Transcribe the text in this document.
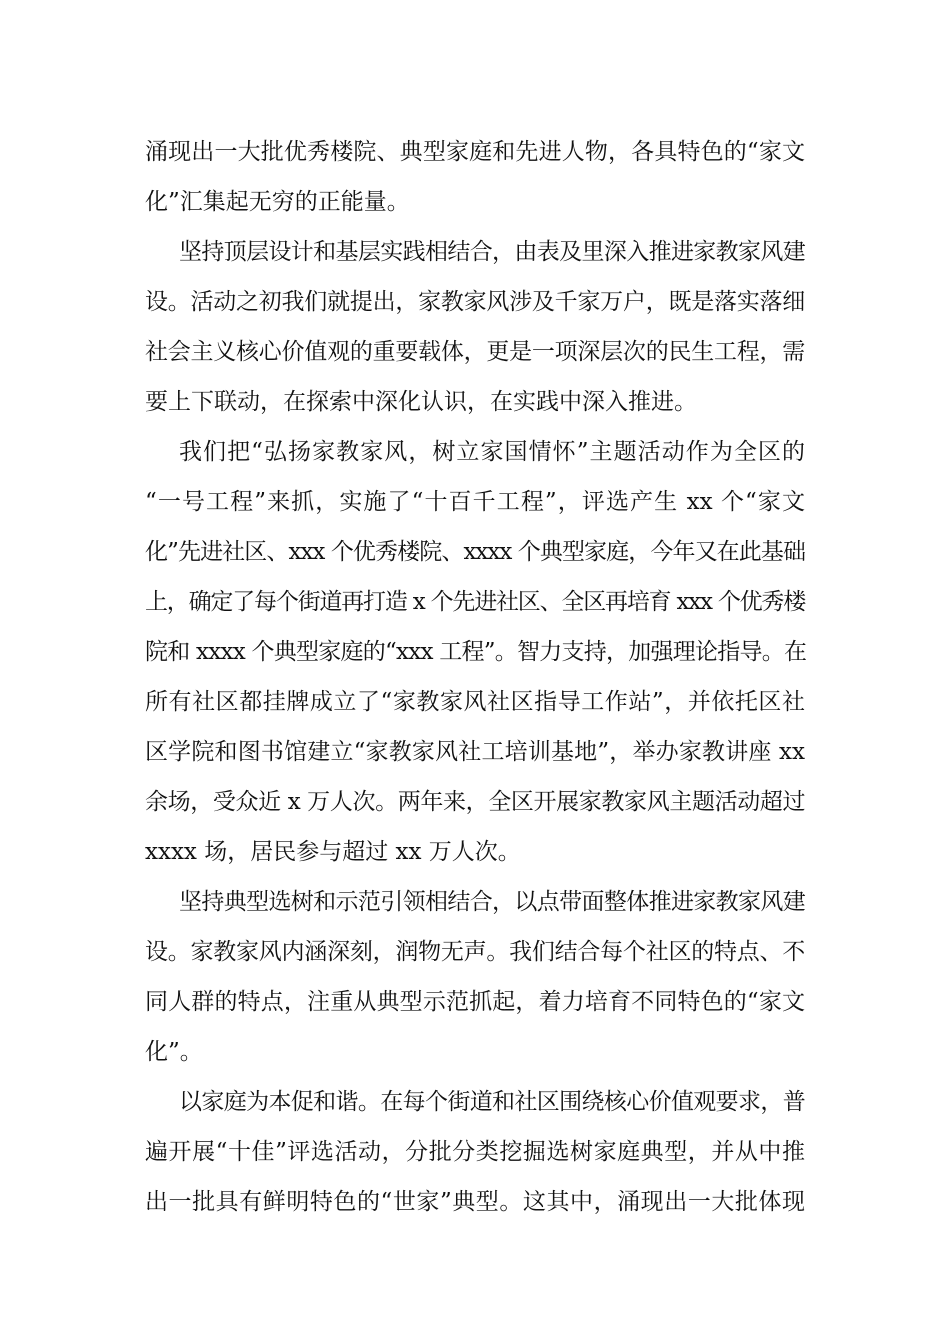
涌现出一大批优秀楼院、典型家庭和先进人物，各具特色的“家文
化”汇集起无穷的正能量。
坚持顶层设计和基层实践相结合，由表及里深入推进家教家风建
设。活动之初我们就提出，家教家风涉及千家万户，既是落实落细
社会主义核心价值观的重要载体，更是一项深层次的民生工程，需
要上下联动，在探索中深化认识，在实践中深入推进。
我们把“弘扬家教家风，树立家国情怀”主题活动作为全区的
“一号工程”来抓，实施了“十百千工程”，评选产生 xx 个“家文
化”先进社区、xxx 个优秀楼院、xxxx 个典型家庭，今年又在此基础
上，确定了每个街道再打造 x 个先进社区、全区再培育 xxx 个优秀楼
院和 xxxx 个典型家庭的“xxx 工程”。智力支持，加强理论指导。在
所有社区都挂牌成立了“家教家风社区指导工作站”，并依托区社
区学院和图书馆建立“家教家风社工培训基地”，举办家教讲座 xx
余场，受众近 x 万人次。两年来，全区开展家教家风主题活动超过
xxxx 场，居民参与超过 xx 万人次。
坚持典型选树和示范引领相结合，以点带面整体推进家教家风建
设。家教家风内涵深刻，润物无声。我们结合每个社区的特点、不
同人群的特点，注重从典型示范抓起，着力培育不同特色的“家文
化”。
以家庭为本促和谐。在每个街道和社区围绕核心价值观要求，普
遍开展“十佳”评选活动，分批分类挖掘选树家庭典型，并从中推
出一批具有鲜明特色的“世家”典型。这其中，涌现出一大批体现
